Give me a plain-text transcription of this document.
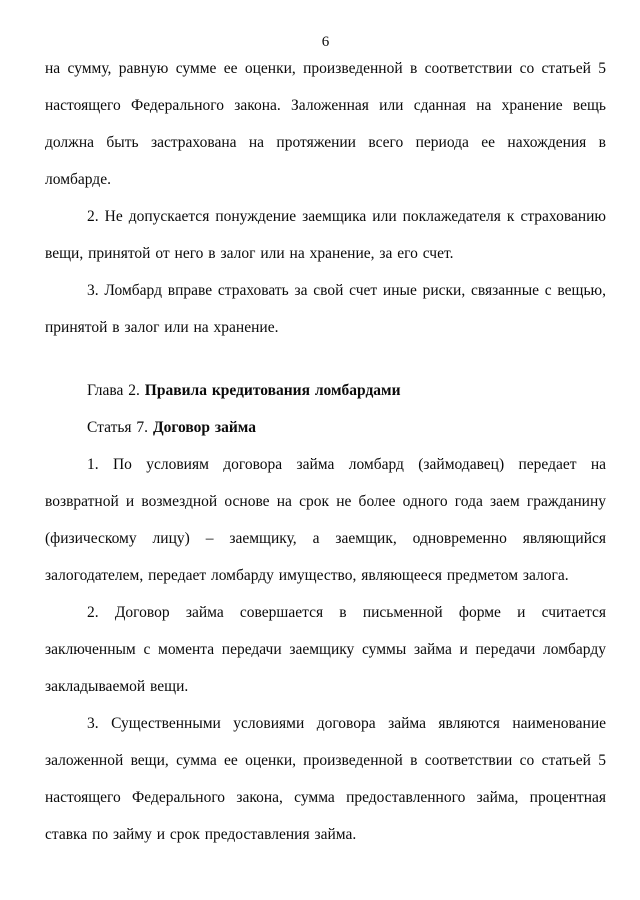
6

на сумму, равную сумме ее оценки, произведенной в соответствии со статьей 5 настоящего Федерального закона. Заложенная или сданная на хранение вещь должна быть застрахована на протяжении всего периода ее нахождения в ломбарде.

2. Не допускается понуждение заемщика или поклажедателя к страхованию вещи, принятой от него в залог или на хранение, за его счет.

3. Ломбард вправе страховать за свой счет иные риски, связанные с вещью, принятой в залог или на хранение.

Глава 2. Правила кредитования ломбардами

Статья 7. Договор займа

1. По условиям договора займа ломбард (займодавец) передает на возвратной и возмездной основе на срок не более одного года заем гражданину (физическому лицу) – заемщику, а заемщик, одновременно являющийся залогодателем, передает ломбарду имущество, являющееся предметом залога.

2. Договор займа совершается в письменной форме и считается заключенным с момента передачи заемщику суммы займа и передачи ломбарду закладываемой вещи.

3. Существенными условиями договора займа являются наименование заложенной вещи, сумма ее оценки, произведенной в соответствии со статьей 5 настоящего Федерального закона, сумма предоставленного займа, процентная ставка по займу и срок предоставления займа.
